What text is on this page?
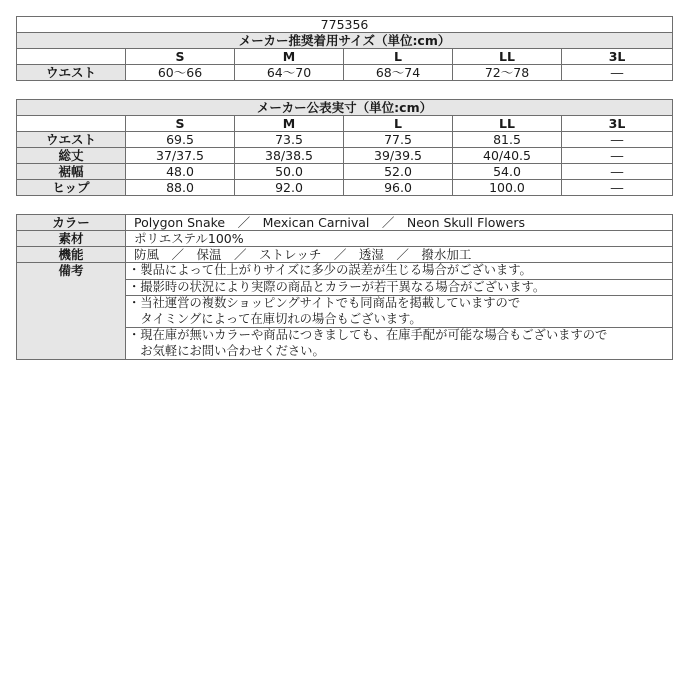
775356					
メーカー推奨着用サイズ（単位:cm）					
	S	M	L	LL	3L
ウエスト	60～66	64～70	68～74	72～78	―
メーカー公表実寸（単位:cm）					
	S	M	L	LL	3L
ウエスト	69.5	73.5	77.5	81.5	―
総丈	37/37.5	38/38.5	39/39.5	40/40.5	―
裾幅	48.0	50.0	52.0	54.0	―
ヒップ	88.0	92.0	96.0	100.0	―
カラー	Polygon Snake　／　Mexican Carnival　／　Neon Skull Flowers
素材	ポリエステル100%
機能	防風　／　保温　／　ストレッチ　／　透湿　／　撥水加工
備考	・製品によって仕上がりサイズに多少の誤差が生じる場合がございます。
	・撮影時の状況により実際の商品とカラーが若干異なる場合がございます。
	・当社運営の複数ショッピングサイトでも同商品を掲載していますので
　タイミングによって在庫切れの場合もございます。
	・現在庫が無いカラーや商品につきましても、在庫手配が可能な場合もございますので
　お気軽にお問い合わせください。
